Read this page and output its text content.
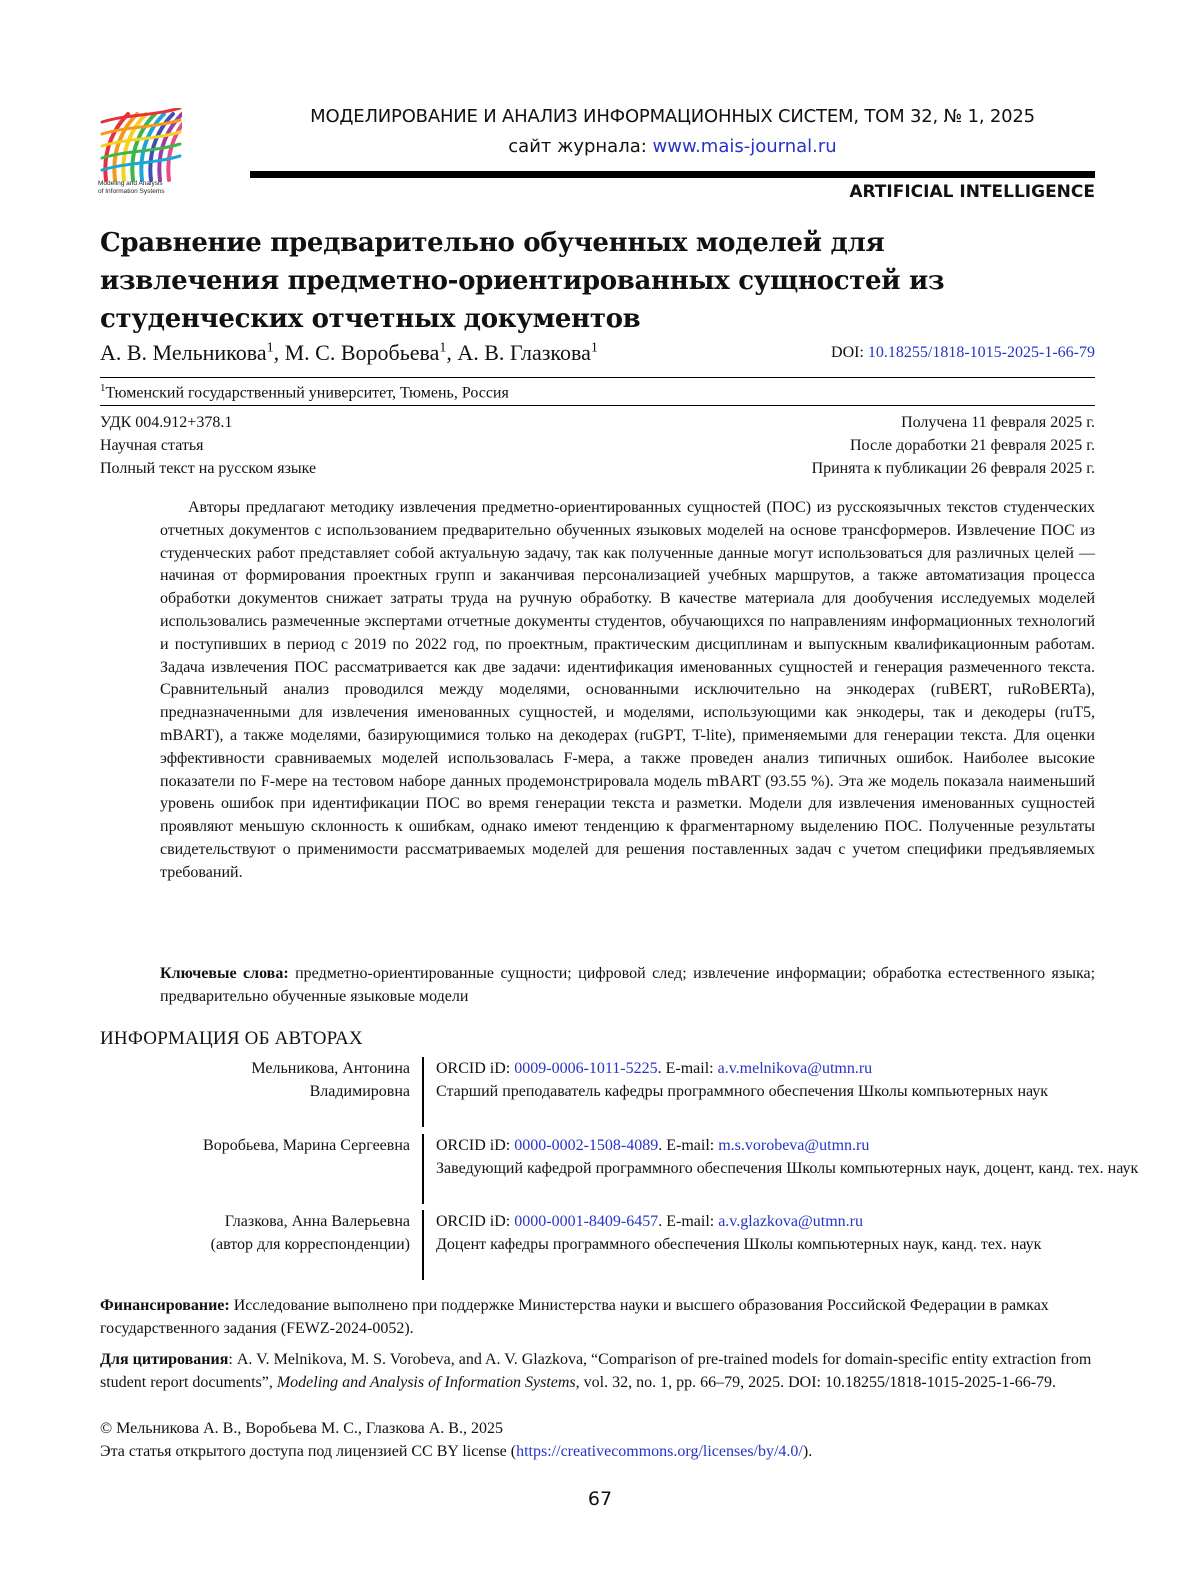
Modeling and Analysis
of Information Systems
МОДЕЛИРОВАНИЕ И АНАЛИЗ ИНФОРМАЦИОННЫХ СИСТЕМ, ТОМ 32, № 1, 2025
сайт журнала: www.mais-journal.ru
ARTIFICIAL INTELLIGENCE
Сравнение предварительно обученных моделей для извлечения предметно-ориентированных сущностей из студенческих отчетных документов
А. В. Мельникова$^1$, М. С. Воробьева$^1$, А. В. Глазкова$^1$	DOI: 10.18255/1818-1015-2025-1-66-79
$^1$Тюменский государственный университет, Тюмень, Россия
УДК 004.912+378.1
Научная статья
Полный текст на русском языке
Получена 11 февраля 2025 г.
После доработки 21 февраля 2025 г.
Принята к публикации 26 февраля 2025 г.
Авторы предлагают методику извлечения предметно-ориентированных сущностей (ПОС) из русскоязычных текстов студенческих отчетных документов с использованием предварительно обученных языковых моделей на основе трансформеров. Извлечение ПОС из студенческих работ представляет собой актуальную задачу, так как полученные данные могут использоваться для различных целей — начиная от формирования проектных групп и заканчивая персонализацией учебных маршрутов, а также автоматизация процесса обработки документов снижает затраты труда на ручную обработку. В качестве материала для дообучения исследуемых моделей использовались размеченные экспертами отчетные документы студентов, обучающихся по направлениям информационных технологий и поступивших в период с 2019 по 2022 год, по проектным, практическим дисциплинам и выпускным квалификационным работам. Задача извлечения ПОС рассматривается как две задачи: идентификация именованных сущностей и генерация размеченного текста. Сравнительный анализ проводился между моделями, основанными исключительно на энкодерах (ruBERT, ruRoBERTa), предназначенными для извлечения именованных сущностей, и моделями, использующими как энкодеры, так и декодеры (ruT5, mBART), а также моделями, базирующимися только на декодерах (ruGPT, T-lite), применяемыми для генерации текста. Для оценки эффективности сравниваемых моделей использовалась F-мера, а также проведен анализ типичных ошибок. Наиболее высокие показатели по F-мере на тестовом наборе данных продемонстрировала модель mBART (93.55 %). Эта же модель показала наименьший уровень ошибок при идентификации ПОС во время генерации текста и разметки. Модели для извлечения именованных сущностей проявляют меньшую склонность к ошибкам, однако имеют тенденцию к фрагментарному выделению ПОС. Полученные результаты свидетельствуют о применимости рассматриваемых моделей для решения поставленных задач с учетом специфики предъявляемых требований.
Ключевые слова: предметно-ориентированные сущности; цифровой след; извлечение информации; обработка естественного языка; предварительно обученные языковые модели
ИНФОРМАЦИЯ ОБ АВТОРАХ
Мельникова, Антонина
Владимировна
ORCID iD: 0009-0006-1011-5225. E-mail: a.v.melnikova@utmn.ru
Старший преподаватель кафедры программного обеспечения Школы компьютерных наук
Воробьева, Марина Сергеевна ORCID iD: 0000-0002-1508-4089. E-mail: m.s.vorobeva@utmn.ru
Заведующий кафедрой программного обеспечения Школы компьютерных наук, доцент, канд. тех. наук
Глазкова, Анна Валерьевна
(автор для корреспонденции)
ORCID iD: 0000-0001-8409-6457. E-mail: a.v.glazkova@utmn.ru
Доцент кафедры программного обеспечения Школы компьютерных наук, канд. тех. наук
Финансирование: Исследование выполнено при поддержке Министерства науки и высшего образования Российской Федерации в рамках государственного задания (FEWZ-2024-0052).
Для цитирования: A. V. Melnikova, M. S. Vorobeva, and A. V. Glazkova, “Comparison of pre-trained models for domain-specific entity extraction from student report documents”, Modeling and Analysis of Information Systems, vol. 32, no. 1, pp. 66–79, 2025. DOI: 10.18255/1818-1015-2025-1-66-79.
© Мельникова А. В., Воробьева М. С., Глазкова А. В., 2025
Эта статья открытого доступа под лицензией CC BY license (https://creativecommons.org/licenses/by/4.0/).
67
